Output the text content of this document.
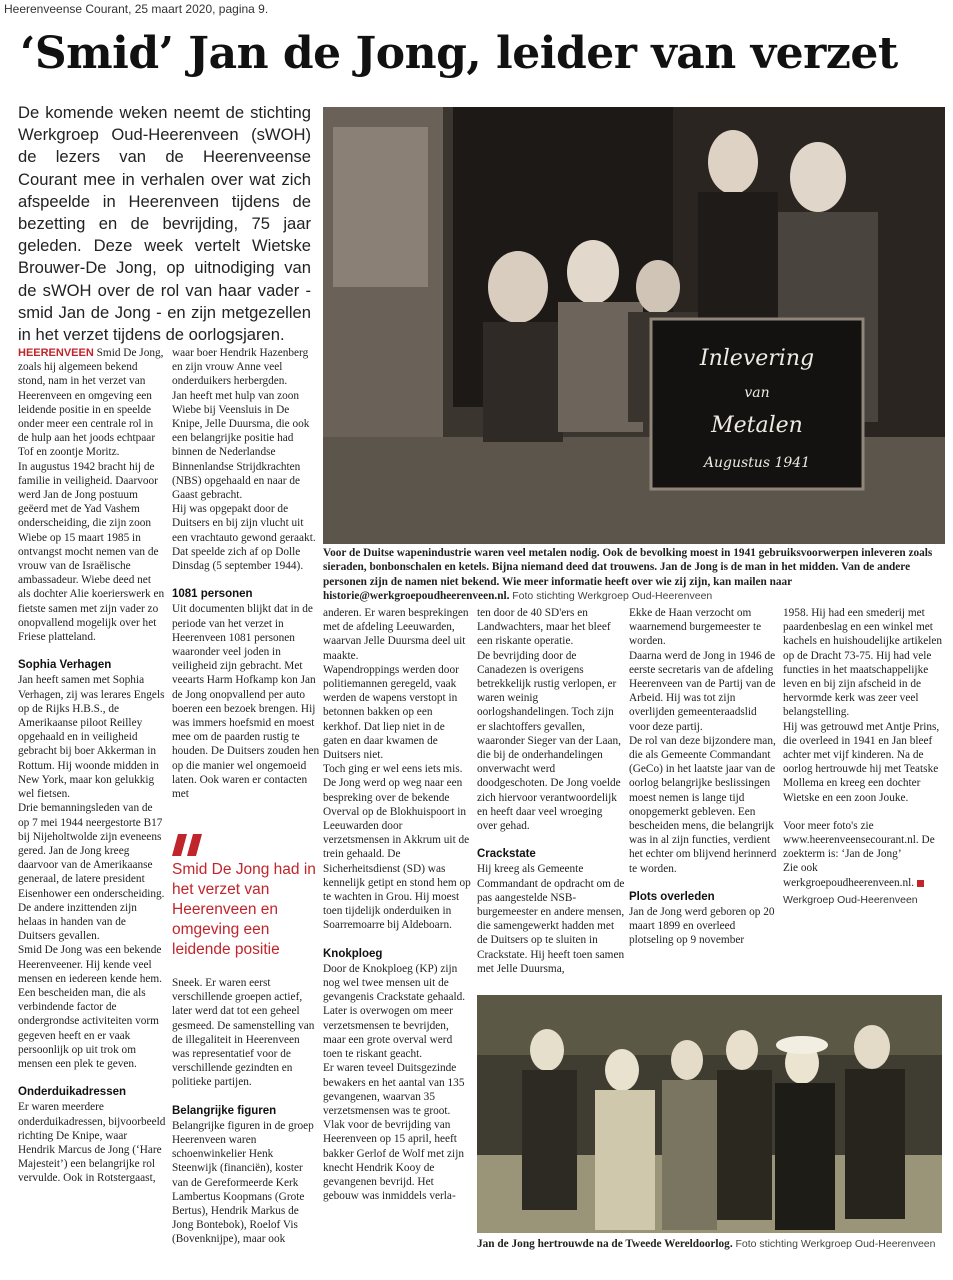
Heerenveense Courant, 25 maart 2020, pagina 9.
‘Smid’ Jan de Jong, leider van verzet
De komende weken neemt de stichting Werkgroep Oud-Heerenveen (sWOH) de lezers van de Heerenveense Courant mee in verhalen over wat zich afspeelde in Heerenveen tijdens de bezetting en de bevrijding, 75 jaar geleden. Deze week vertelt Wietske Brouwer-De Jong, op uitnodiging van de sWOH over de rol van haar vader - smid Jan de Jong - en zijn metgezellen in het verzet tijdens de oorlogsjaren.
Inlevering
van
Metalen
Augustus 1941
Voor de Duitse wapenindustrie waren veel metalen nodig. Ook de bevolking moest in 1941 gebruiksvoorwerpen inleveren zoals sieraden, bonbonschalen en ketels. Bijna niemand deed dat trouwens. Jan de Jong is de man in het midden. Van de andere personen zijn de namen niet bekend. Wie meer informatie heeft over wie zij zijn, kan mailen naar historie@werkgroepoudheerenveen.nl. Foto stichting Werkgroep Oud-Heerenveen

HEERENVEEN Smid De Jong, zoals hij algemeen bekend stond, nam in het verzet van Heerenveen en omgeving een leidende positie in en speelde onder meer een centrale rol in de hulp aan het joods echtpaar Tof en zoontje Moritz.

In augustus 1942 bracht hij de familie in veiligheid. Daarvoor werd Jan de Jong postuum geëerd met de Yad Vashem onderscheiding, die zijn zoon Wiebe op 15 maart 1985 in ontvangst mocht nemen van de vrouw van de Israëlische ambassadeur. Wiebe deed net als dochter Alie koerierswerk en fietste samen met zijn vader zo onopvallend mogelijk over het Friese platteland.

Sophia Verhagen

Jan heeft samen met Sophia Verhagen, zij was lerares Engels op de Rijks H.B.S., de Amerikaanse piloot Reilley opgehaald en in veiligheid gebracht bij boer Akkerman in Rottum. Hij woonde midden in New York, maar kon gelukkig wel fietsen.

Drie bemanningsleden van de op 7 mei 1944 neergestorte B17 bij Nijeholtwolde zijn eveneens gered. Jan de Jong kreeg daarvoor van de Amerikaanse generaal, de latere president Eisenhower een onderscheiding. De andere inzittenden zijn helaas in handen van de Duitsers gevallen.

Smid De Jong was een bekende Heerenveener. Hij kende veel mensen en iedereen kende hem. Een bescheiden man, die als verbindende factor de ondergrondse activiteiten vorm gegeven heeft en er vaak persoonlijk op uit trok om mensen een plek te geven.

Onderduikadressen

Er waren meerdere onderduikadressen, bijvoorbeeld richting De Knipe, waar Hendrik Marcus de Jong (‘Hare Majesteit’) een belangrijke rol vervulde. Ook in Rotstergaast,

waar boer Hendrik Hazenberg en zijn vrouw Anne veel onderduikers herbergden.

Jan heeft met hulp van zoon Wiebe bij Veensluis in De Knipe, Jelle Duursma, die ook een belangrijke positie had binnen de Nederlandse Binnenlandse Strijdkrachten (NBS) opgehaald en naar de Gaast gebracht.

Hij was opgepakt door de Duitsers en bij zijn vlucht uit een vrachtauto gewond geraakt. Dat speelde zich af op Dolle Dinsdag (5 september 1944).

1081 personen

Uit documenten blijkt dat in de periode van het verzet in Heerenveen 1081 personen waaronder veel joden in veiligheid zijn gebracht. Met veearts Harm Hofkamp kon Jan de Jong onopvallend per auto boeren een bezoek brengen. Hij was immers hoefsmid en moest mee om de paarden rustig te houden. De Duitsers zouden hen op die manier wel ongemoeid laten. Ook waren er contacten met

Smid De Jong had in het verzet van Heerenveen en omgeving een leidende positie

Sneek. Er waren eerst verschillende groepen actief, later werd dat tot een geheel gesmeed. De samenstelling van de illegaliteit in Heerenveen was representatief voor de verschillende gezindten en politieke partijen.

Belangrijke figuren

Belangrijke figuren in de groep Heerenveen waren schoenwinkelier Henk Steenwijk (financiën), koster van de Gereformeerde Kerk Lambertus Koopmans (Grote Bertus), Hendrik Markus de Jong Bontebok), Roelof Vis (Bovenknijpe), maar ook

anderen. Er waren besprekingen met de afdeling Leeuwarden, waarvan Jelle Duursma deel uit maakte.

Wapendroppings werden door politiemannen geregeld, vaak werden de wapens verstopt in betonnen bakken op een kerkhof. Dat liep niet in de gaten en daar kwamen de Duitsers niet.

Toch ging er wel eens iets mis. De Jong werd op weg naar een bespreking over de bekende Overval op de Blokhuispoort in Leeuwarden door verzetsmensen in Akkrum uit de trein gehaald. De Sicherheitsdienst (SD) was kennelijk getipt en stond hem op te wachten in Grou. Hij moest toen tijdelijk onderduiken in Soarremoarre bij Aldeboarn.

Knokploeg

Door de Knokploeg (KP) zijn nog wel twee mensen uit de gevangenis Crackstate gehaald. Later is overwogen om meer verzetsmensen te bevrijden, maar een grote overval werd toen te riskant geacht.

Er waren teveel Duitsgezinde bewakers en het aantal van 135 gevangenen, waarvan 35 verzetsmensen was te groot. Vlak voor de bevrijding van Heerenveen op 15 april, heeft bakker Gerlof de Wolf met zijn knecht Hendrik Kooy de gevangenen bevrijd. Het gebouw was inmiddels verla-

ten door de 40 SD'ers en Landwachters, maar het bleef een riskante operatie.

De bevrijding door de Canadezen is overigens betrekkelijk rustig verlopen, er waren weinig oorlogshandelingen. Toch zijn er slachtoffers gevallen, waaronder Sieger van der Laan, die bij de onderhandelingen onverwacht werd doodgeschoten. De Jong voelde zich hiervoor verantwoordelijk en heeft daar veel wroeging over gehad.

Crackstate

Hij kreeg als Gemeente Commandant de opdracht om de pas aangestelde NSB-burgemeester en andere mensen, die samengewerkt hadden met de Duitsers op te sluiten in Crackstate. Hij heeft toen samen met Jelle Duursma,

Ekke de Haan verzocht om waarnemend burgemeester te worden.

Daarna werd de Jong in 1946 de eerste secretaris van de afdeling Heerenveen van de Partij van de Arbeid. Hij was tot zijn overlijden gemeenteraadslid voor deze partij.

De rol van deze bijzondere man, die als Gemeente Commandant (GeCo) in het laatste jaar van de oorlog belangrijke beslissingen moest nemen is lange tijd onopgemerkt gebleven. Een bescheiden mens, die belangrijk was in al zijn functies, verdient het echter om blijvend herinnerd te worden.

Plots overleden

Jan de Jong werd geboren op 20 maart 1899 en overleed plotseling op 9 november

1958. Hij had een smederij met paardenbeslag en een winkel met kachels en huishoudelijke artikelen op de Dracht 73-75. Hij had vele functies in het maatschappelijke leven en bij zijn afscheid in de hervormde kerk was zeer veel belangstelling.

Hij was getrouwd met Antje Prins, die overleed in 1941 en Jan bleef achter met vijf kinderen. Na de oorlog hertrouwde hij met Teatske Mollema en kreeg een dochter Wietske en een zoon Jouke.

Voor meer foto's zie www.heerenveensecourant.nl. De zoekterm is: ‘Jan de Jong’

Zie ook werkgroepoudheerenveen.nl.

Werkgroep Oud-Heerenveen
Jan de Jong hertrouwde na de Tweede Wereldoorlog. Foto stichting Werkgroep Oud-Heerenveen
